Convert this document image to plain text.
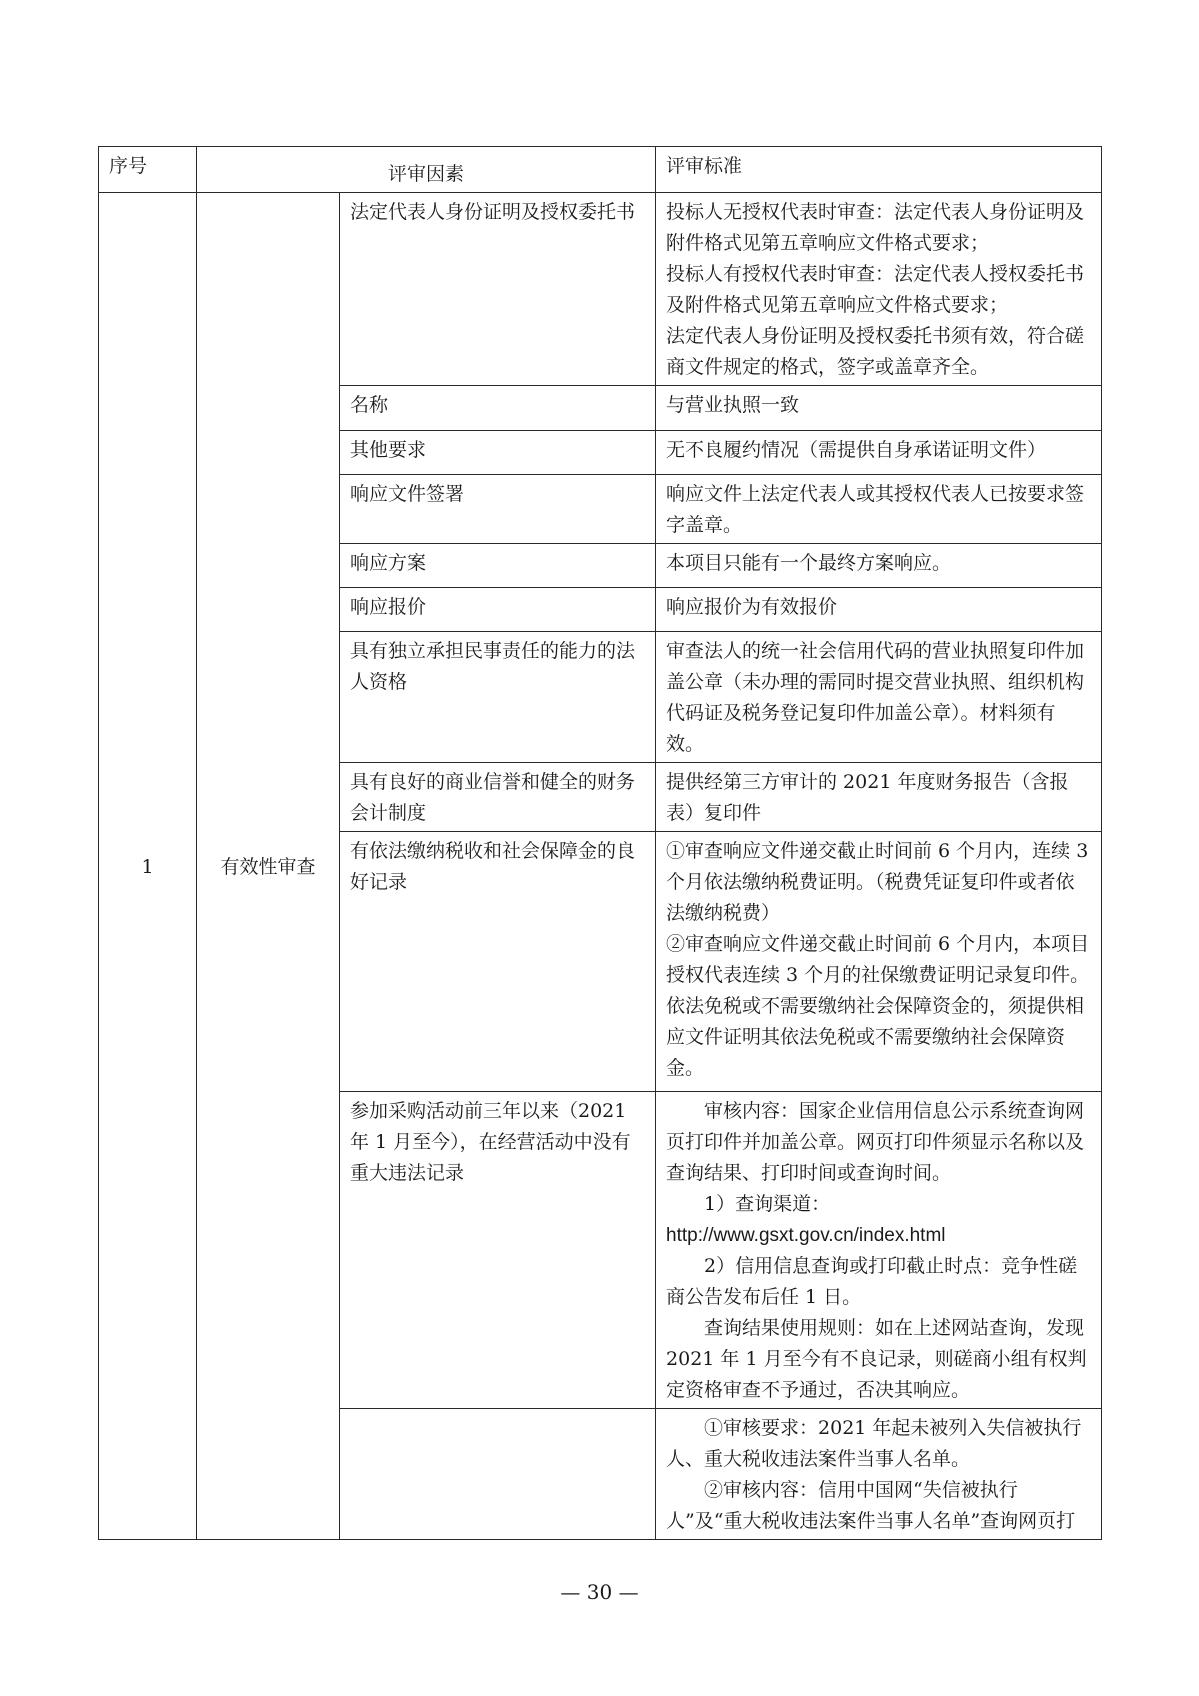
序号	评审因素		评审标准
1	有效性审查	法定代表人身份证明及授权委托书	投标人无授权代表时审查：法定代表人身份证明及附件格式见第五章响应文件格式要求；
投标人有授权代表时审查：法定代表人授权委托书及附件格式见第五章响应文件格式要求；
法定代表人身份证明及授权委托书须有效，符合磋商文件规定的格式，签字或盖章齐全。

		名称	与营业执照一致

		其他要求	无不良履约情况（需提供自身承诺证明文件）

		响应文件签署	响应文件上法定代表人或其授权代表人已按要求签字盖章。

		响应方案	本项目只能有一个最终方案响应。

		响应报价	响应报价为有效报价

		具有独立承担民事责任的能力的法人资格	审查法人的统一社会信用代码的营业执照复印件加盖公章（未办理的需同时提交营业执照、组织机构代码证及税务登记复印件加盖公章）。材料须有效。

		具有良好的商业信誉和健全的财务会计制度	提供经第三方审计的 2021 年度财务报告（含报表）复印件

		有依法缴纳税收和社会保障金的良好记录	①审查响应文件递交截止时间前 6 个月内，连续 3 个月依法缴纳税费证明。（税费凭证复印件或者依法缴纳税费）
②审查响应文件递交截止时间前 6 个月内，本项目授权代表连续 3 个月的社保缴费证明记录复印件。
依法免税或不需要缴纳社会保障资金的，须提供相应文件证明其依法免税或不需要缴纳社会保障资金。

		参加采购活动前三年以来（2021 年 1 月至今），在经营活动中没有重大违法记录	审核内容：国家企业信用信息公示系统查询网页打印件并加盖公章。网页打印件须显示名称以及查询结果、打印时间或查询时间。
1）查询渠道：
http://www.gsxt.gov.cn/index.html
2）信用信息查询或打印截止时点：竞争性磋商公告发布后任 1 日。
查询结果使用规则：如在上述网站查询，发现 2021 年 1 月至今有不良记录，则磋商小组有权判定资格审查不予通过，否决其响应。

			①审核要求：2021 年起未被列入失信被执行人、重大税收违法案件当事人名单。
②审核内容：信用中国网“失信被执行人”及“重大税收违法案件当事人名单”查询网页打
— 30 —
